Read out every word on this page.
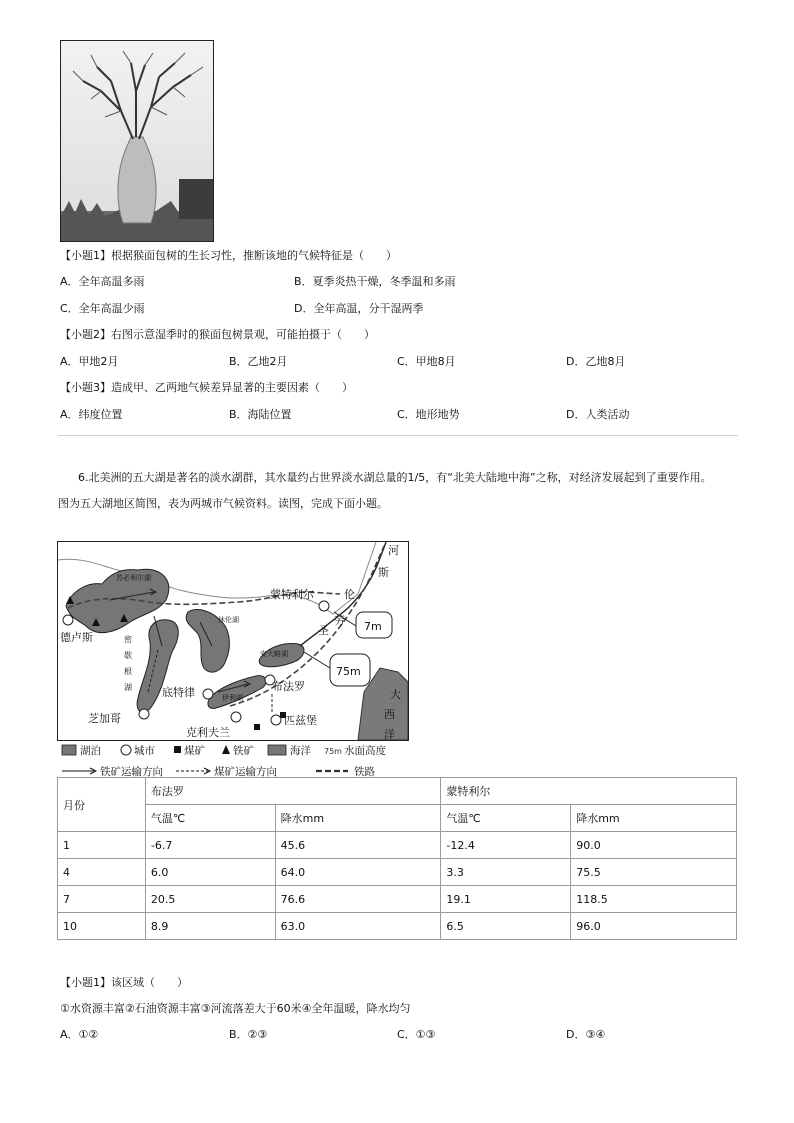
【小题1】根据猴面包树的生长习性，推断该地的气候特征是（　　）
A．全年高温多雨	B．夏季炎热干燥，冬季温和多雨
C．全年高温少雨	D．全年高温，分干湿两季
【小题2】右图示意湿季时的猴面包树景观，可能拍摄于（　　）
A．甲地2月	B．乙地2月	C．甲地8月	D．乙地8月
【小题3】造成甲、乙两地气候差异显著的主要因素（　　）
A．纬度位置	B．海陆位置	C．地形地势	D．人类活动
6.北美洲的五大湖是著名的淡水湖群，其水量约占世界淡水湖总量的1/5，有“北美大陆地中海”之称，对经济发展起到了重要作用。
图为五大湖地区简图，表为两城市气候资料。读图，完成下面小题。
苏必利尔湖
密
歇
根
湖
休伦湖
安大略湖
伊利湖
德卢斯
芝加哥
底特律
克利夫兰
布法罗
匹兹堡
蒙特利尔
河
斯
伦
劳
圣
大
西
洋
7m
75m
湖泊	城市	煤矿	铁矿	海洋 75m 水面高度
铁矿运输方向	煤矿运输方向	铁路
月份	布法罗		蒙特利尔	
	气温℃	降水mm	气温℃	降水mm
1	-6.7	45.6	-12.4	90.0
4	6.0	64.0	3.3	75.5
7	20.5	76.6	19.1	118.5
10	8.9	63.0	6.5	96.0
【小题1】该区域（　　）
①水资源丰富②石油资源丰富③河流落差大于60米④全年温暖，降水均匀
A．①②	B．②③	C．①③	D．③④
